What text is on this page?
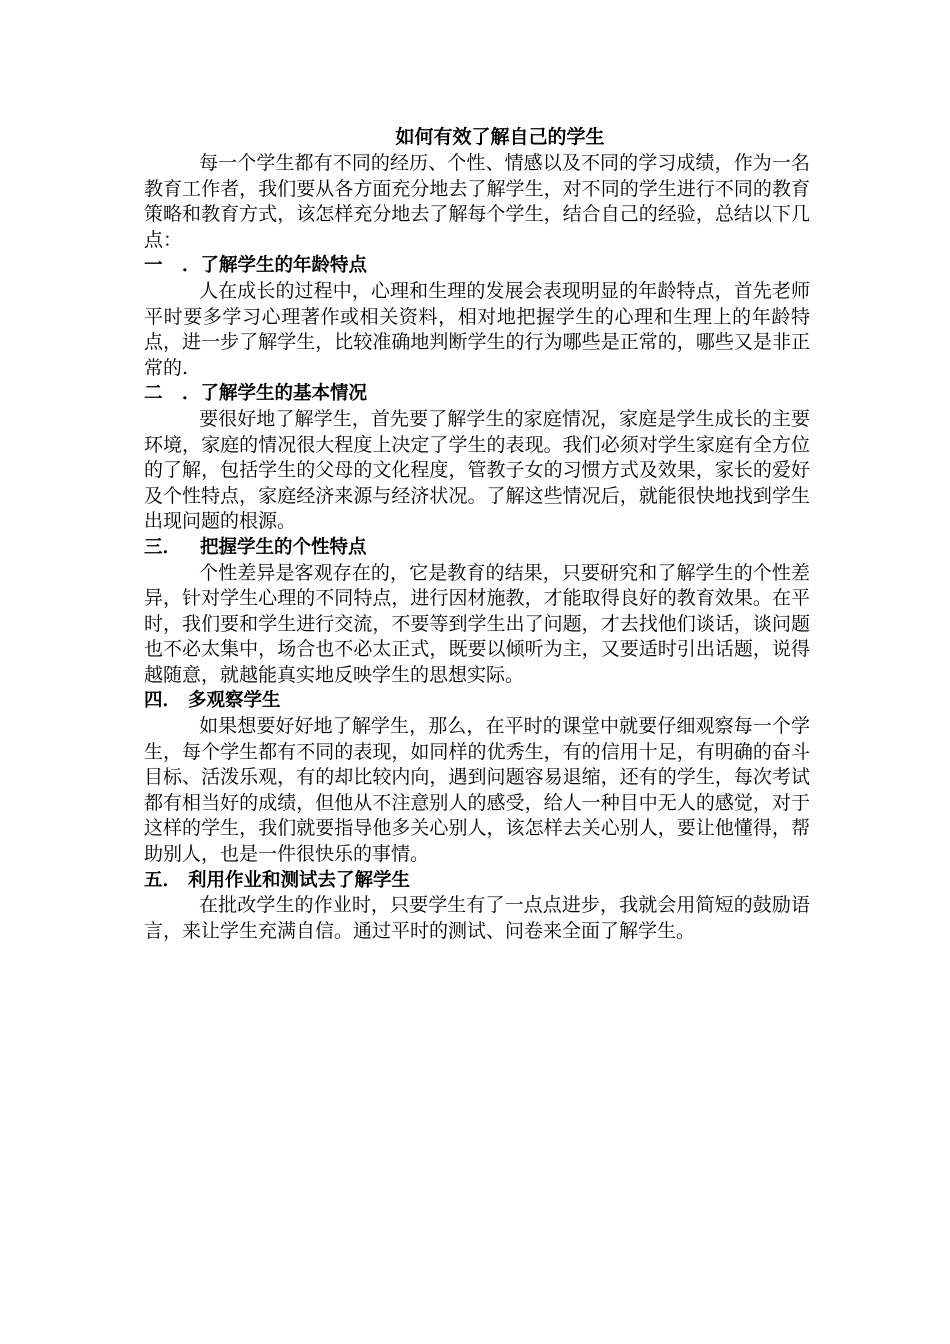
如何有效了解自己的学生

每一个学生都有不同的经历、个性、情感以及不同的学习成绩，作为一名教育工作者，我们要从各方面充分地去了解学生，对不同的学生进行不同的教育策略和教育方式，该怎样充分地去了解每个学生，结合自己的经验，总结以下几点：

一 ．了解学生的年龄特点

人在成长的过程中，心理和生理的发展会表现明显的年龄特点，首先老师平时要多学习心理著作或相关资料，相对地把握学生的心理和生理上的年龄特点，进一步了解学生，比较准确地判断学生的行为哪些是正常的，哪些又是非正常的.

二 ．了解学生的基本情况

要很好地了解学生，首先要了解学生的家庭情况，家庭是学生成长的主要环境，家庭的情况很大程度上决定了学生的表现。我们必须对学生家庭有全方位的了解，包括学生的父母的文化程度，管教子女的习惯方式及效果，家长的爱好及个性特点，家庭经济来源与经济状况。了解这些情况后，就能很快地找到学生出现问题的根源。

三． 把握学生的个性特点

个性差异是客观存在的，它是教育的结果，只要研究和了解学生的个性差异，针对学生心理的不同特点，进行因材施教，才能取得良好的教育效果。在平时，我们要和学生进行交流，不要等到学生出了问题，才去找他们谈话，谈问题也不必太集中，场合也不必太正式，既要以倾听为主，又要适时引出话题，说得越随意，就越能真实地反映学生的思想实际。

四． 多观察学生

如果想要好好地了解学生，那么，在平时的课堂中就要仔细观察每一个学生，每个学生都有不同的表现，如同样的优秀生，有的信用十足，有明确的奋斗目标、活泼乐观，有的却比较内向，遇到问题容易退缩，还有的学生，每次考试都有相当好的成绩，但他从不注意别人的感受，给人一种目中无人的感觉，对于这样的学生，我们就要指导他多关心别人，该怎样去关心别人，要让他懂得，帮助别人，也是一件很快乐的事情。

五． 利用作业和测试去了解学生

在批改学生的作业时，只要学生有了一点点进步，我就会用简短的鼓励语言，来让学生充满自信。通过平时的测试、问卷来全面了解学生。
